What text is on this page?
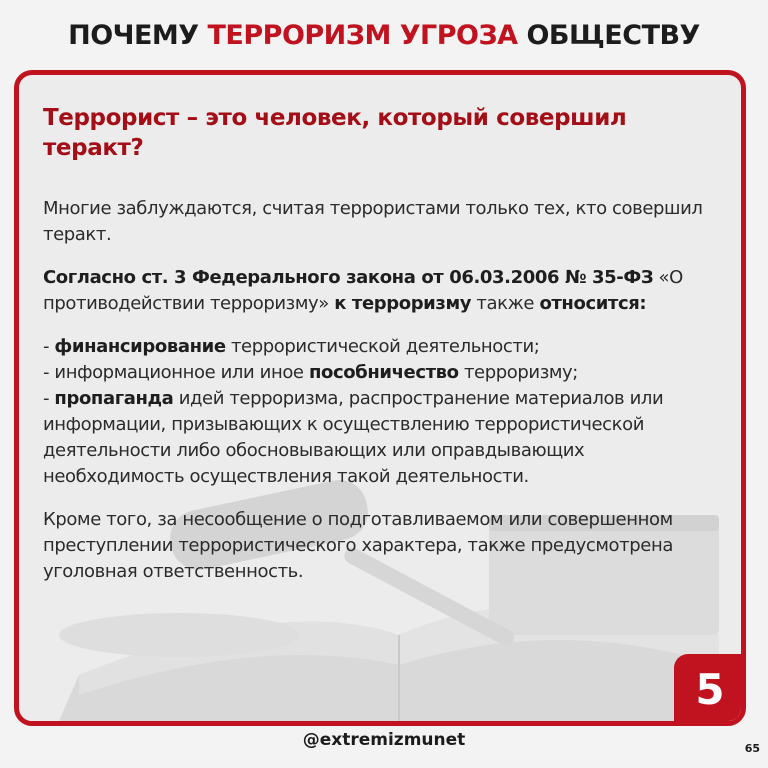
ПОЧЕМУ ТЕРРОРИЗМ УГРОЗА ОБЩЕСТВУ
Террорист – это человек, который совершил теракт?

Многие заблуждаются, считая террористами только тех, кто совершил теракт.

Согласно ст. 3 Федерального закона от 06.03.2006 № 35-ФЗ «О противодействии терроризму» к терроризму также относится:

- финансирование террористической деятельности;
- информационное или иное пособничество терроризму;
- пропаганда идей терроризма, распространение материалов или информации, призывающих к осуществлению террористической деятельности либо обосновывающих или оправдывающих необходимость осуществления такой деятельности.

Кроме того, за несообщение о подготавливаемом или совершенном преступлении террористического характера, также предусмотрена уголовная ответственность.

5
@extremizmunet	65
